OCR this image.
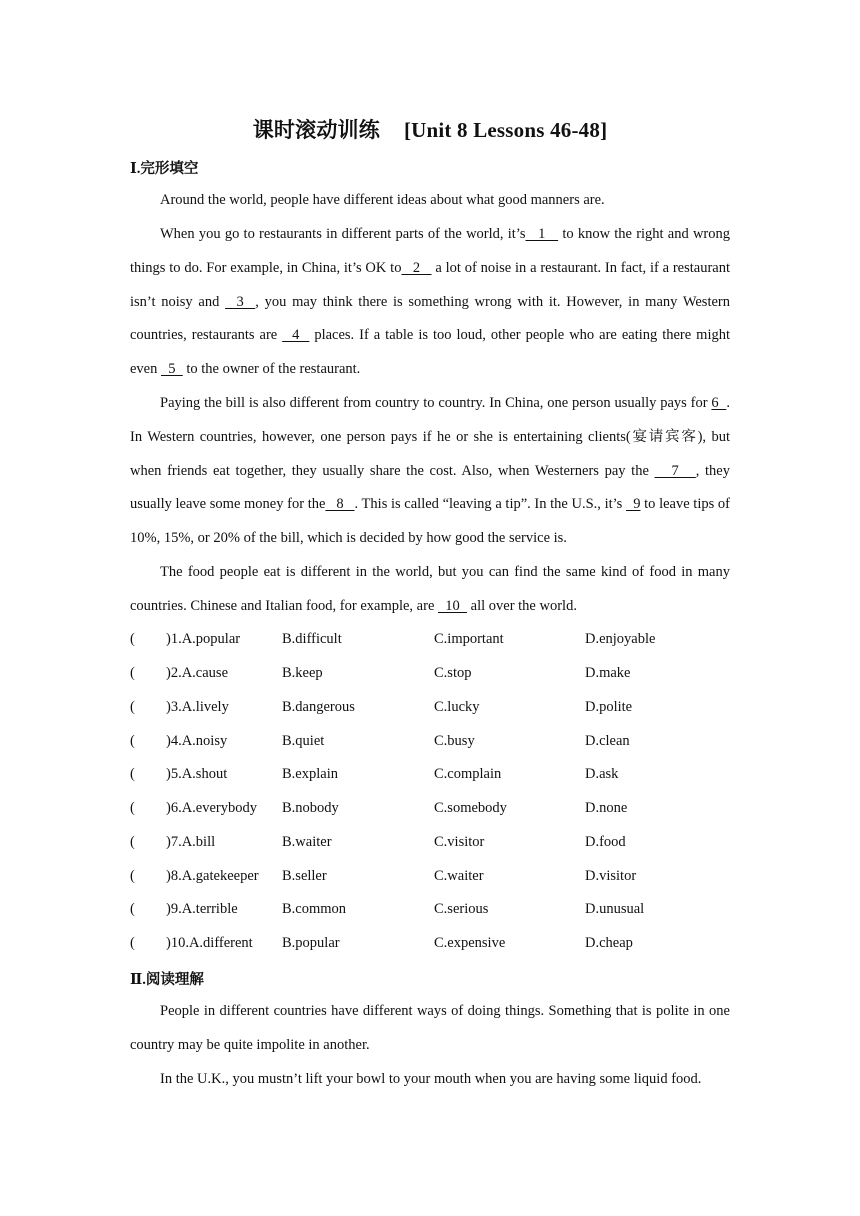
课时滚动训练 [Unit 8 Lessons 46-48]
Ⅰ.完形填空

Around the world, people have different ideas about what good manners are.

When you go to restaurants in different parts of the world, it’s   1    to know the right and wrong things to do. For example, in China, it’s OK to   2    a lot of noise in a restaurant. In fact, if a restaurant isn’t noisy and   3  , you may think there is something wrong with it. However, in many Western countries, restaurants are   4   places. If a table is too loud, other people who are eating there might even   5   to the owner of the restaurant.

Paying the bill is also different from country to country. In China, one person usually pays for 6  . In Western countries, however, one person pays if he or she is entertaining clients(宴请宾客), but when friends eat together, they usually share the cost. Also, when Westerners pay the    7   , they usually leave some money for the   8   . This is called “leaving a tip”. In the U.S., it’s   9 to leave tips of 10%, 15%, or 20% of the bill, which is decided by how good the service is.

The food people eat is different in the world, but you can find the same kind of food in many countries. Chinese and Italian food, for example, are   10   all over the world.

( )1.A.popular	B.difficult	C.important	D.enjoyable
( )2.A.cause	B.keep	C.stop	D.make
( )3.A.lively	B.dangerous	C.lucky	D.polite
( )4.A.noisy	B.quiet	C.busy	D.clean
( )5.A.shout	B.explain	C.complain	D.ask
( )6.A.everybody B.nobody	C.somebody	D.none
( )7.A.bill	B.waiter	C.visitor	D.food
( )8.A.gatekeeper B.seller	C.waiter	D.visitor
( )9.A.terrible	B.common	C.serious	D.unusual
( )10.A.different B.popular	C.expensive	D.cheap
Ⅱ.阅读理解

People in different countries have different ways of doing things. Something that is polite in one country may be quite impolite in another.

In the U.K., you mustn’t lift your bowl to your mouth when you are having some liquid food.
